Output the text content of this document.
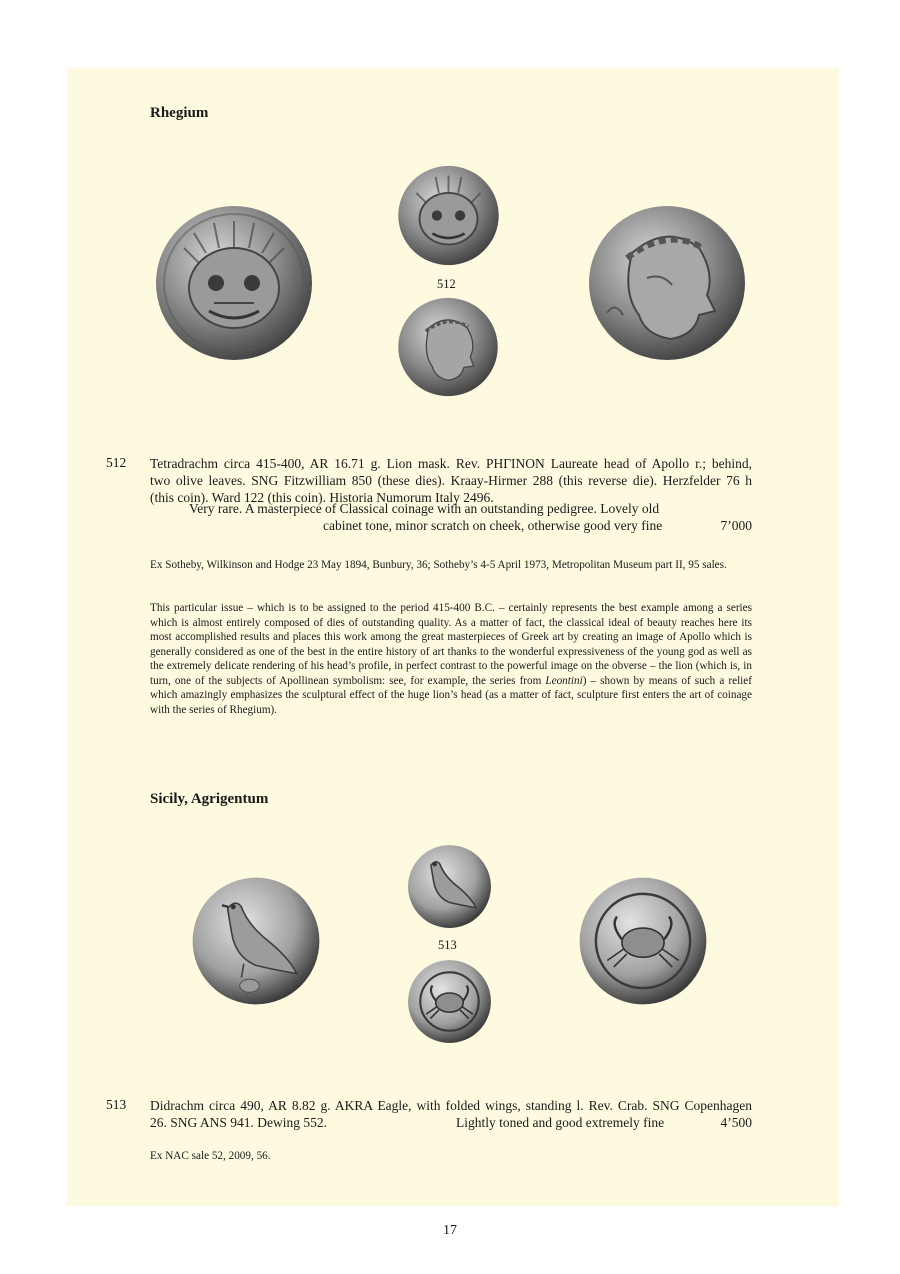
Rhegium
512
512 Tetradrachm circa 415-400, AR 16.71 g. Lion mask. Rev. ΡΗΓΙΝΟΝ Laureate head of Apollo r.; behind,
two olive leaves. SNG Fitzwilliam 850 (these dies). Kraay-Hirmer 288 (this reverse die). Herzfelder 76 h
(this coin). Ward 122 (this coin). Historia Numorum Italy 2496.
Very rare. A masterpiece of Classical coinage with an outstanding pedigree. Lovely old
cabinet tone, minor scratch on cheek, otherwise good very fine	7’000
Ex Sotheby, Wilkinson and Hodge 23 May 1894, Bunbury, 36; Sotheby’s 4-5 April 1973, Metropolitan Museum part II, 95 sales.
This particular issue – which is to be assigned to the period 415-400 B.C. – certainly represents the best example among a series which is almost entirely composed of dies of outstanding quality. As a matter of fact, the classical ideal of beauty reaches here its most accomplished results and places this work among the great masterpieces of Greek art by creating an image of Apollo which is generally considered as one of the best in the entire history of art thanks to the wonderful expressiveness of the young god as well as the extremely delicate rendering of his head’s profile, in perfect contrast to the powerful image on the obverse – the lion (which is, in turn, one of the subjects of Apollinean symbolism: see, for example, the series from Leontini) – shown by means of such a relief which amazingly emphasizes the sculptural effect of the huge lion’s head (as a matter of fact, sculpture first enters the art of coinage with the series of Rhegium).
Sicily, Agrigentum
513
513 Didrachm circa 490, AR 8.82 g. AKRA Eagle, with folded wings, standing l. Rev. Crab. SNG Copenhagen
26. SNG ANS 941. Dewing 552.	Lightly toned and good extremely fine	4’500
Ex NAC sale 52, 2009, 56.
17
